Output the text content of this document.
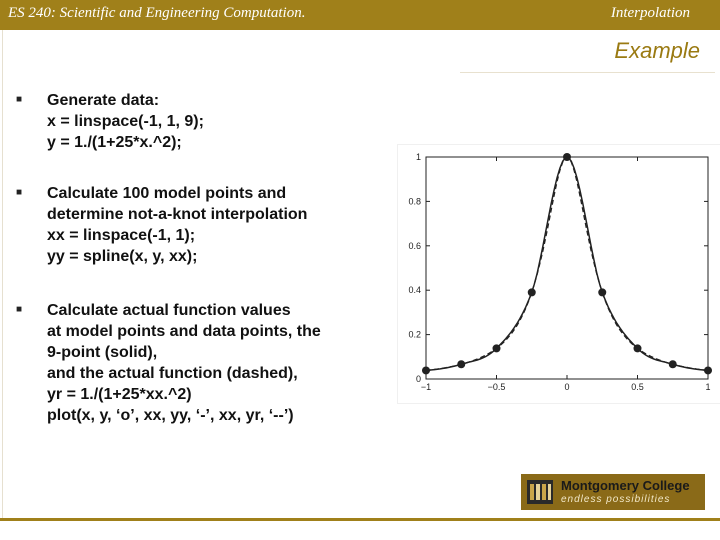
ES 240: Scientific and Engineering Computation.	Interpolation
Example
■ Generate data:
x = linspace(-1, 1, 9);
y = 1./(1+25*x.^2);
■ Calculate 100 model points and
determine not-a-knot interpolation
xx = linspace(-1, 1);
yy = spline(x, y, xx);
■ Calculate actual function values
at model points and data points, the
9-point (solid),
and the actual function (dashed),
yr = 1./(1+25*xx.^2)
plot(x, y, ‘o’, xx, yy, ‘-’, xx, yr, ‘--’)
0
0.2
0.4
0.6
0.8
1
−1	−0.5	0	0.5	1
Montgomery College
endless possibilities
